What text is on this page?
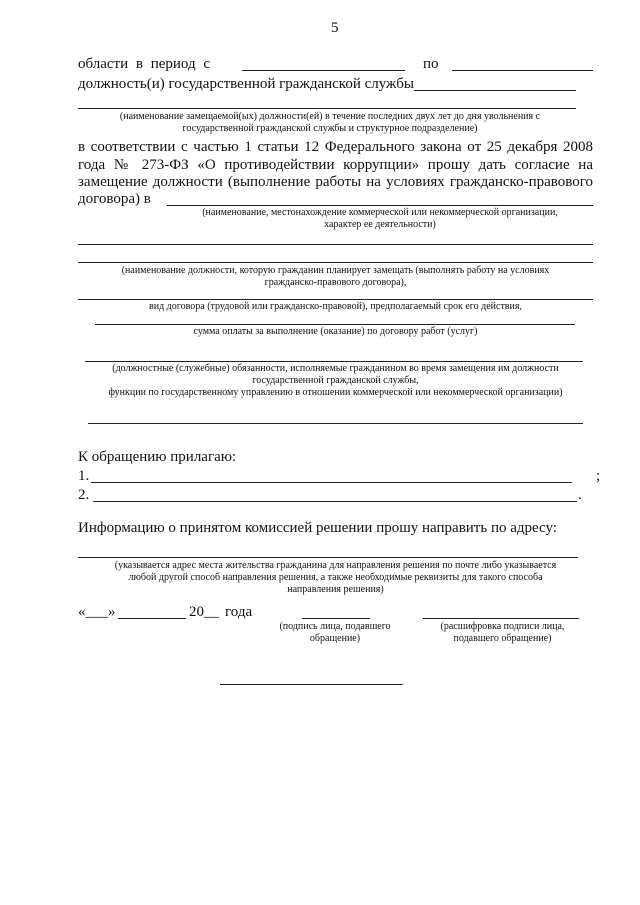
5
области в период с	по
должность(и) государственной гражданской службы
(наименование замещаемой(ых) должности(ей) в течение последних двух лет до дня увольнения с
государственной гражданской службы и структурное подразделение)
в соответствии с частью 1 статьи 12 Федерального закона от 25 декабря 2008
года № 273-ФЗ «О противодействии коррупции» прошу дать согласие на
замещение должности (выполнение работы на условиях гражданско-правового
договора) в
(наименование, местонахождение коммерческой или некоммерческой организации,
характер ее деятельности)
(наименование должности, которую гражданин планирует замещать (выполнять работу на условиях
гражданско-правового договора),
вид договора (трудовой или гражданско-правовой), предполагаемый срок его действия,
сумма оплаты за выполнение (оказание) по договору работ (услуг)
(должностные (служебные) обязанности, исполняемые гражданином во время замещения им должности
государственной гражданской службы,
функции по государственному управлению в отношении коммерческой или некоммерческой организации)
К обращению прилагаю:
1.	;
2.	.
Информацию о принятом комиссией решении прошу направить по адресу:
(указывается адрес места жительства гражданина для направления решения по почте либо указывается
любой другой способ направления решения, а также необходимые реквизиты для такого способа
направления решения)
«___»	20__ года
(подпись лица, подавшего
обращение)
(расшифровка подписи лица,
подавшего обращение)
